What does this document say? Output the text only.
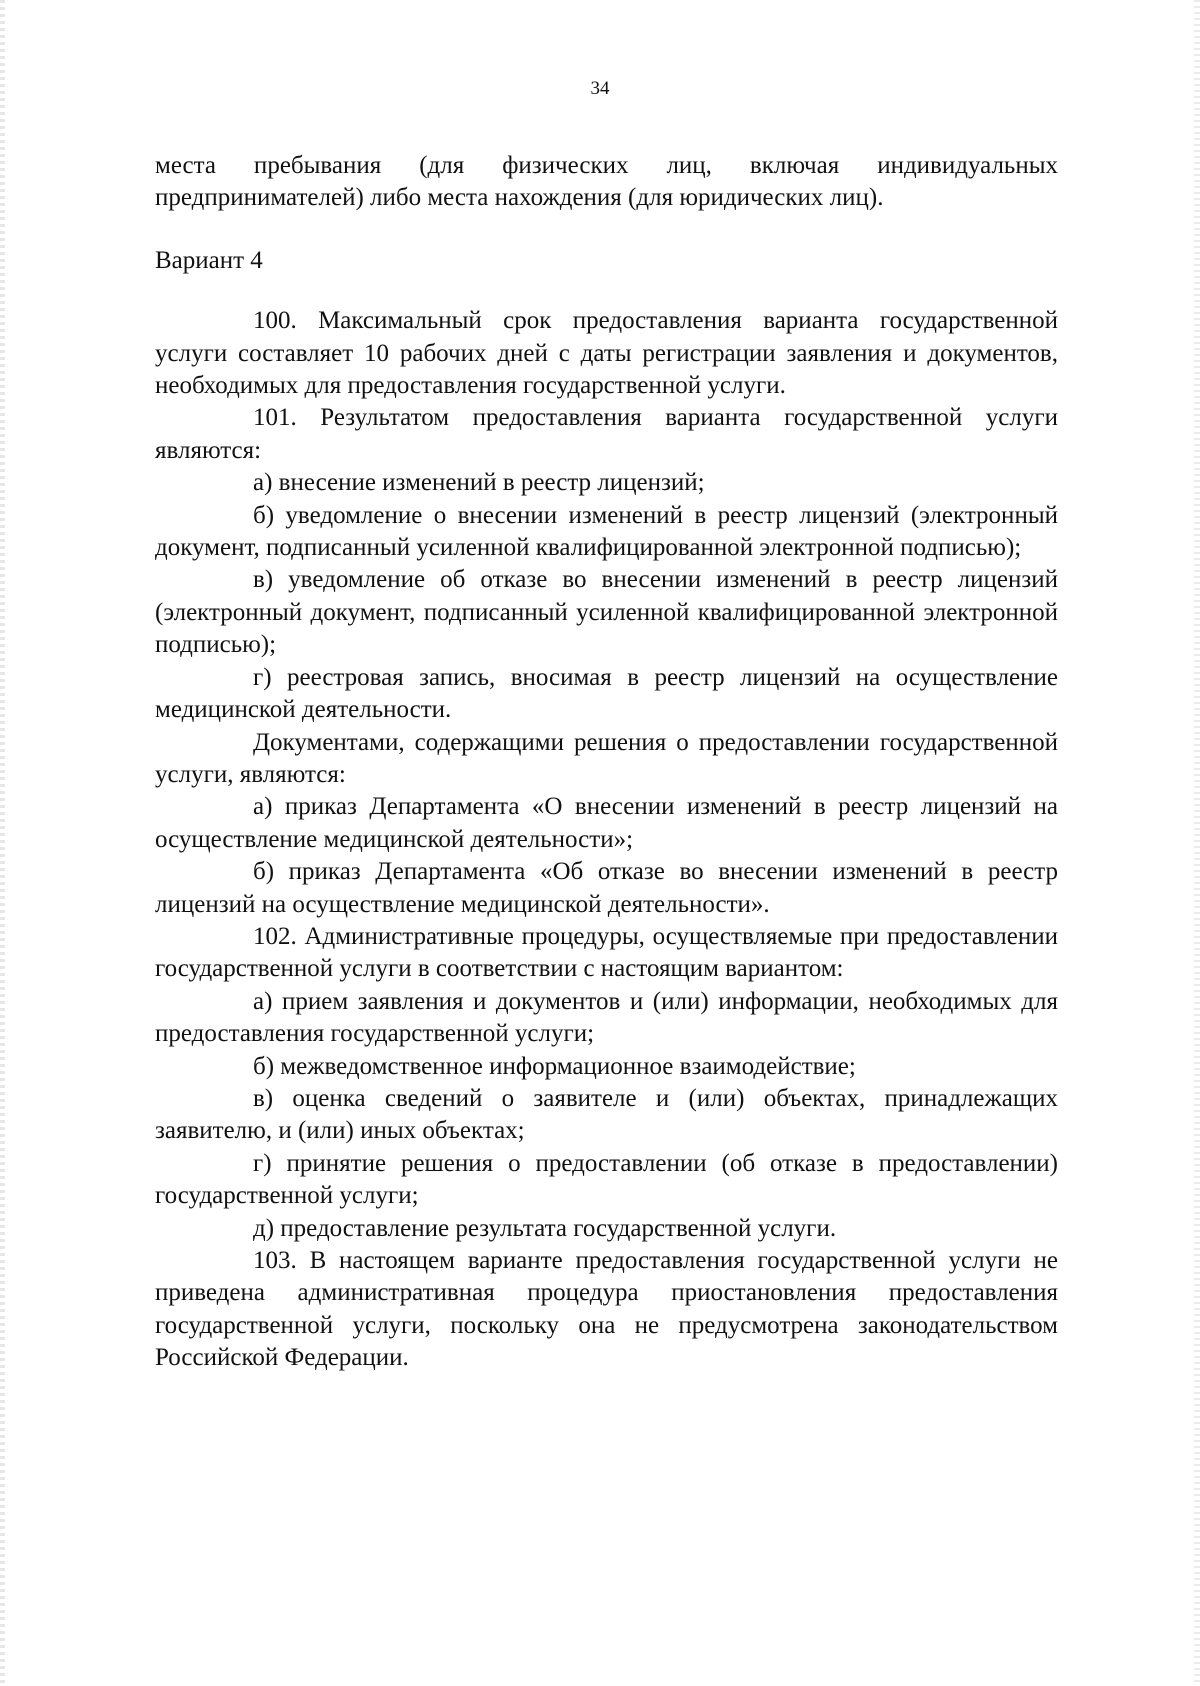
34

места пребывания (для физических лиц, включая индивидуальных предпринимателей) либо места нахождения (для юридических лиц).

Вариант 4

100. Максимальный срок предоставления варианта государственной услуги составляет 10 рабочих дней с даты регистрации заявления и документов, необходимых для предоставления государственной услуги.

101. Результатом предоставления варианта государственной услуги являются:

а) внесение изменений в реестр лицензий;

б) уведомление о внесении изменений в реестр лицензий (электронный документ, подписанный усиленной квалифицированной электронной подписью);

в) уведомление об отказе во внесении изменений в реестр лицензий (электронный документ, подписанный усиленной квалифицированной электронной подписью);

г) реестровая запись, вносимая в реестр лицензий на осуществление медицинской деятельности.

Документами, содержащими решения о предоставлении государственной услуги, являются:

а) приказ Департамента «О внесении изменений в реестр лицензий на осуществление медицинской деятельности»;

б) приказ Департамента «Об отказе во внесении изменений в реестр лицензий на осуществление медицинской деятельности».

102. Административные процедуры, осуществляемые при предоставлении государственной услуги в соответствии с настоящим вариантом:

а) прием заявления и документов и (или) информации, необходимых для предоставления государственной услуги;

б) межведомственное информационное взаимодействие;

в) оценка сведений о заявителе и (или) объектах, принадлежащих заявителю, и (или) иных объектах;

г) принятие решения о предоставлении (об отказе в предоставлении) государственной услуги;

д) предоставление результата государственной услуги.

103. В настоящем варианте предоставления государственной услуги не приведена административная процедура приостановления предоставления государственной услуги, поскольку она не предусмотрена законодательством Российской Федерации.
